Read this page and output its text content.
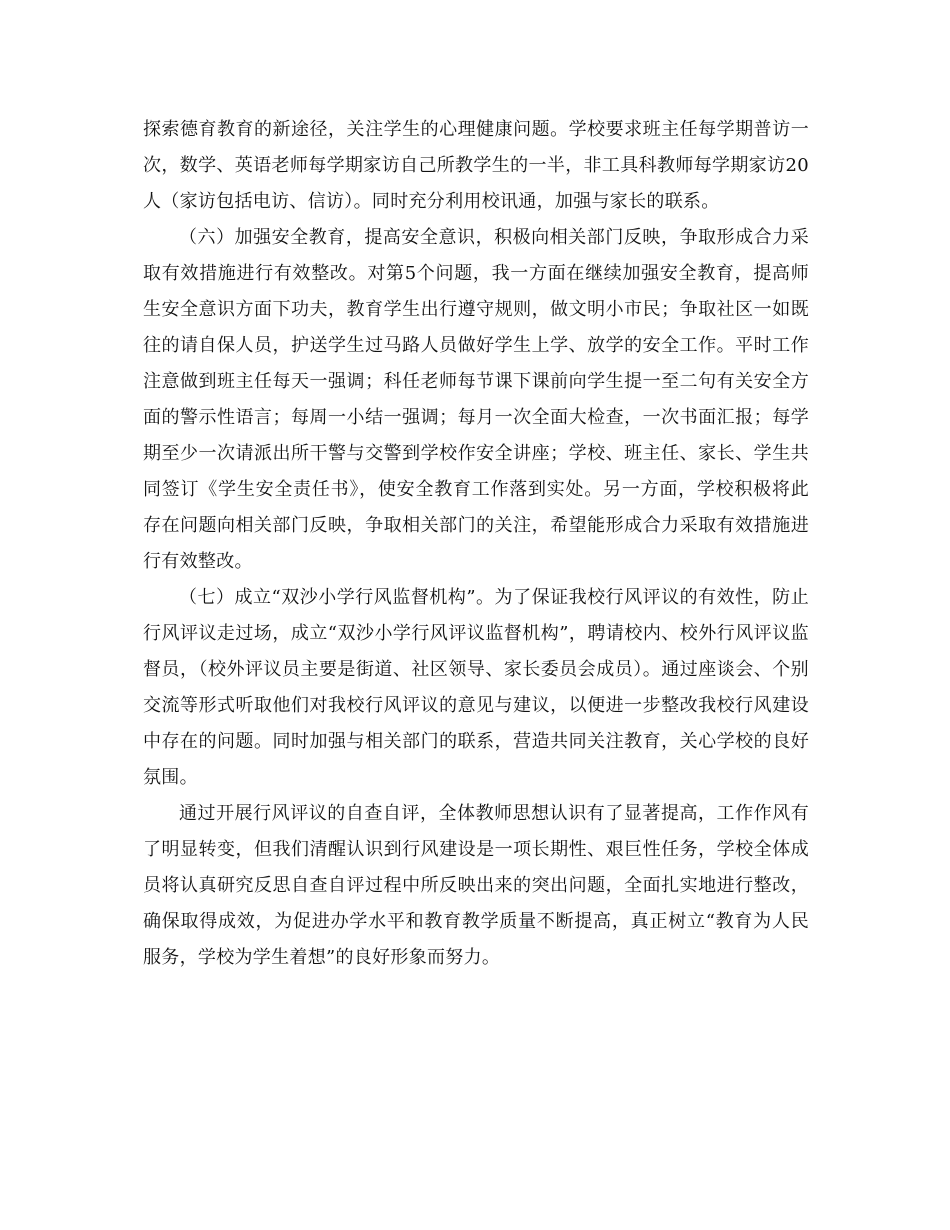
探索德育教育的新途径，关注学生的心理健康问题。学校要求班主任每学期普访一次，数学、英语老师每学期家访自己所教学生的一半，非工具科教师每学期家访20人（家访包括电访、信访）。同时充分利用校讯通，加强与家长的联系。

（六）加强安全教育，提高安全意识，积极向相关部门反映，争取形成合力采取有效措施进行有效整改。对第5个问题，我一方面在继续加强安全教育，提高师生安全意识方面下功夫，教育学生出行遵守规则，做文明小市民；争取社区一如既往的请自保人员，护送学生过马路人员做好学生上学、放学的安全工作。平时工作注意做到班主任每天一强调；科任老师每节课下课前向学生提一至二句有关安全方面的警示性语言；每周一小结一强调；每月一次全面大检查，一次书面汇报；每学期至少一次请派出所干警与交警到学校作安全讲座；学校、班主任、家长、学生共同签订《学生安全责任书》，使安全教育工作落到实处。另一方面，学校积极将此存在问题向相关部门反映，争取相关部门的关注，希望能形成合力采取有效措施进行有效整改。

（七）成立“双沙小学行风监督机构”。为了保证我校行风评议的有效性，防止行风评议走过场，成立“双沙小学行风评议监督机构”，聘请校内、校外行风评议监督员，（校外评议员主要是街道、社区领导、家长委员会成员）。通过座谈会、个别交流等形式听取他们对我校行风评议的意见与建议，以便进一步整改我校行风建设中存在的问题。同时加强与相关部门的联系，营造共同关注教育，关心学校的良好氛围。

通过开展行风评议的自查自评，全体教师思想认识有了显著提高，工作作风有了明显转变，但我们清醒认识到行风建设是一项长期性、艰巨性任务，学校全体成员将认真研究反思自查自评过程中所反映出来的突出问题，全面扎实地进行整改，确保取得成效，为促进办学水平和教育教学质量不断提高，真正树立“教育为人民服务，学校为学生着想”的良好形象而努力。
